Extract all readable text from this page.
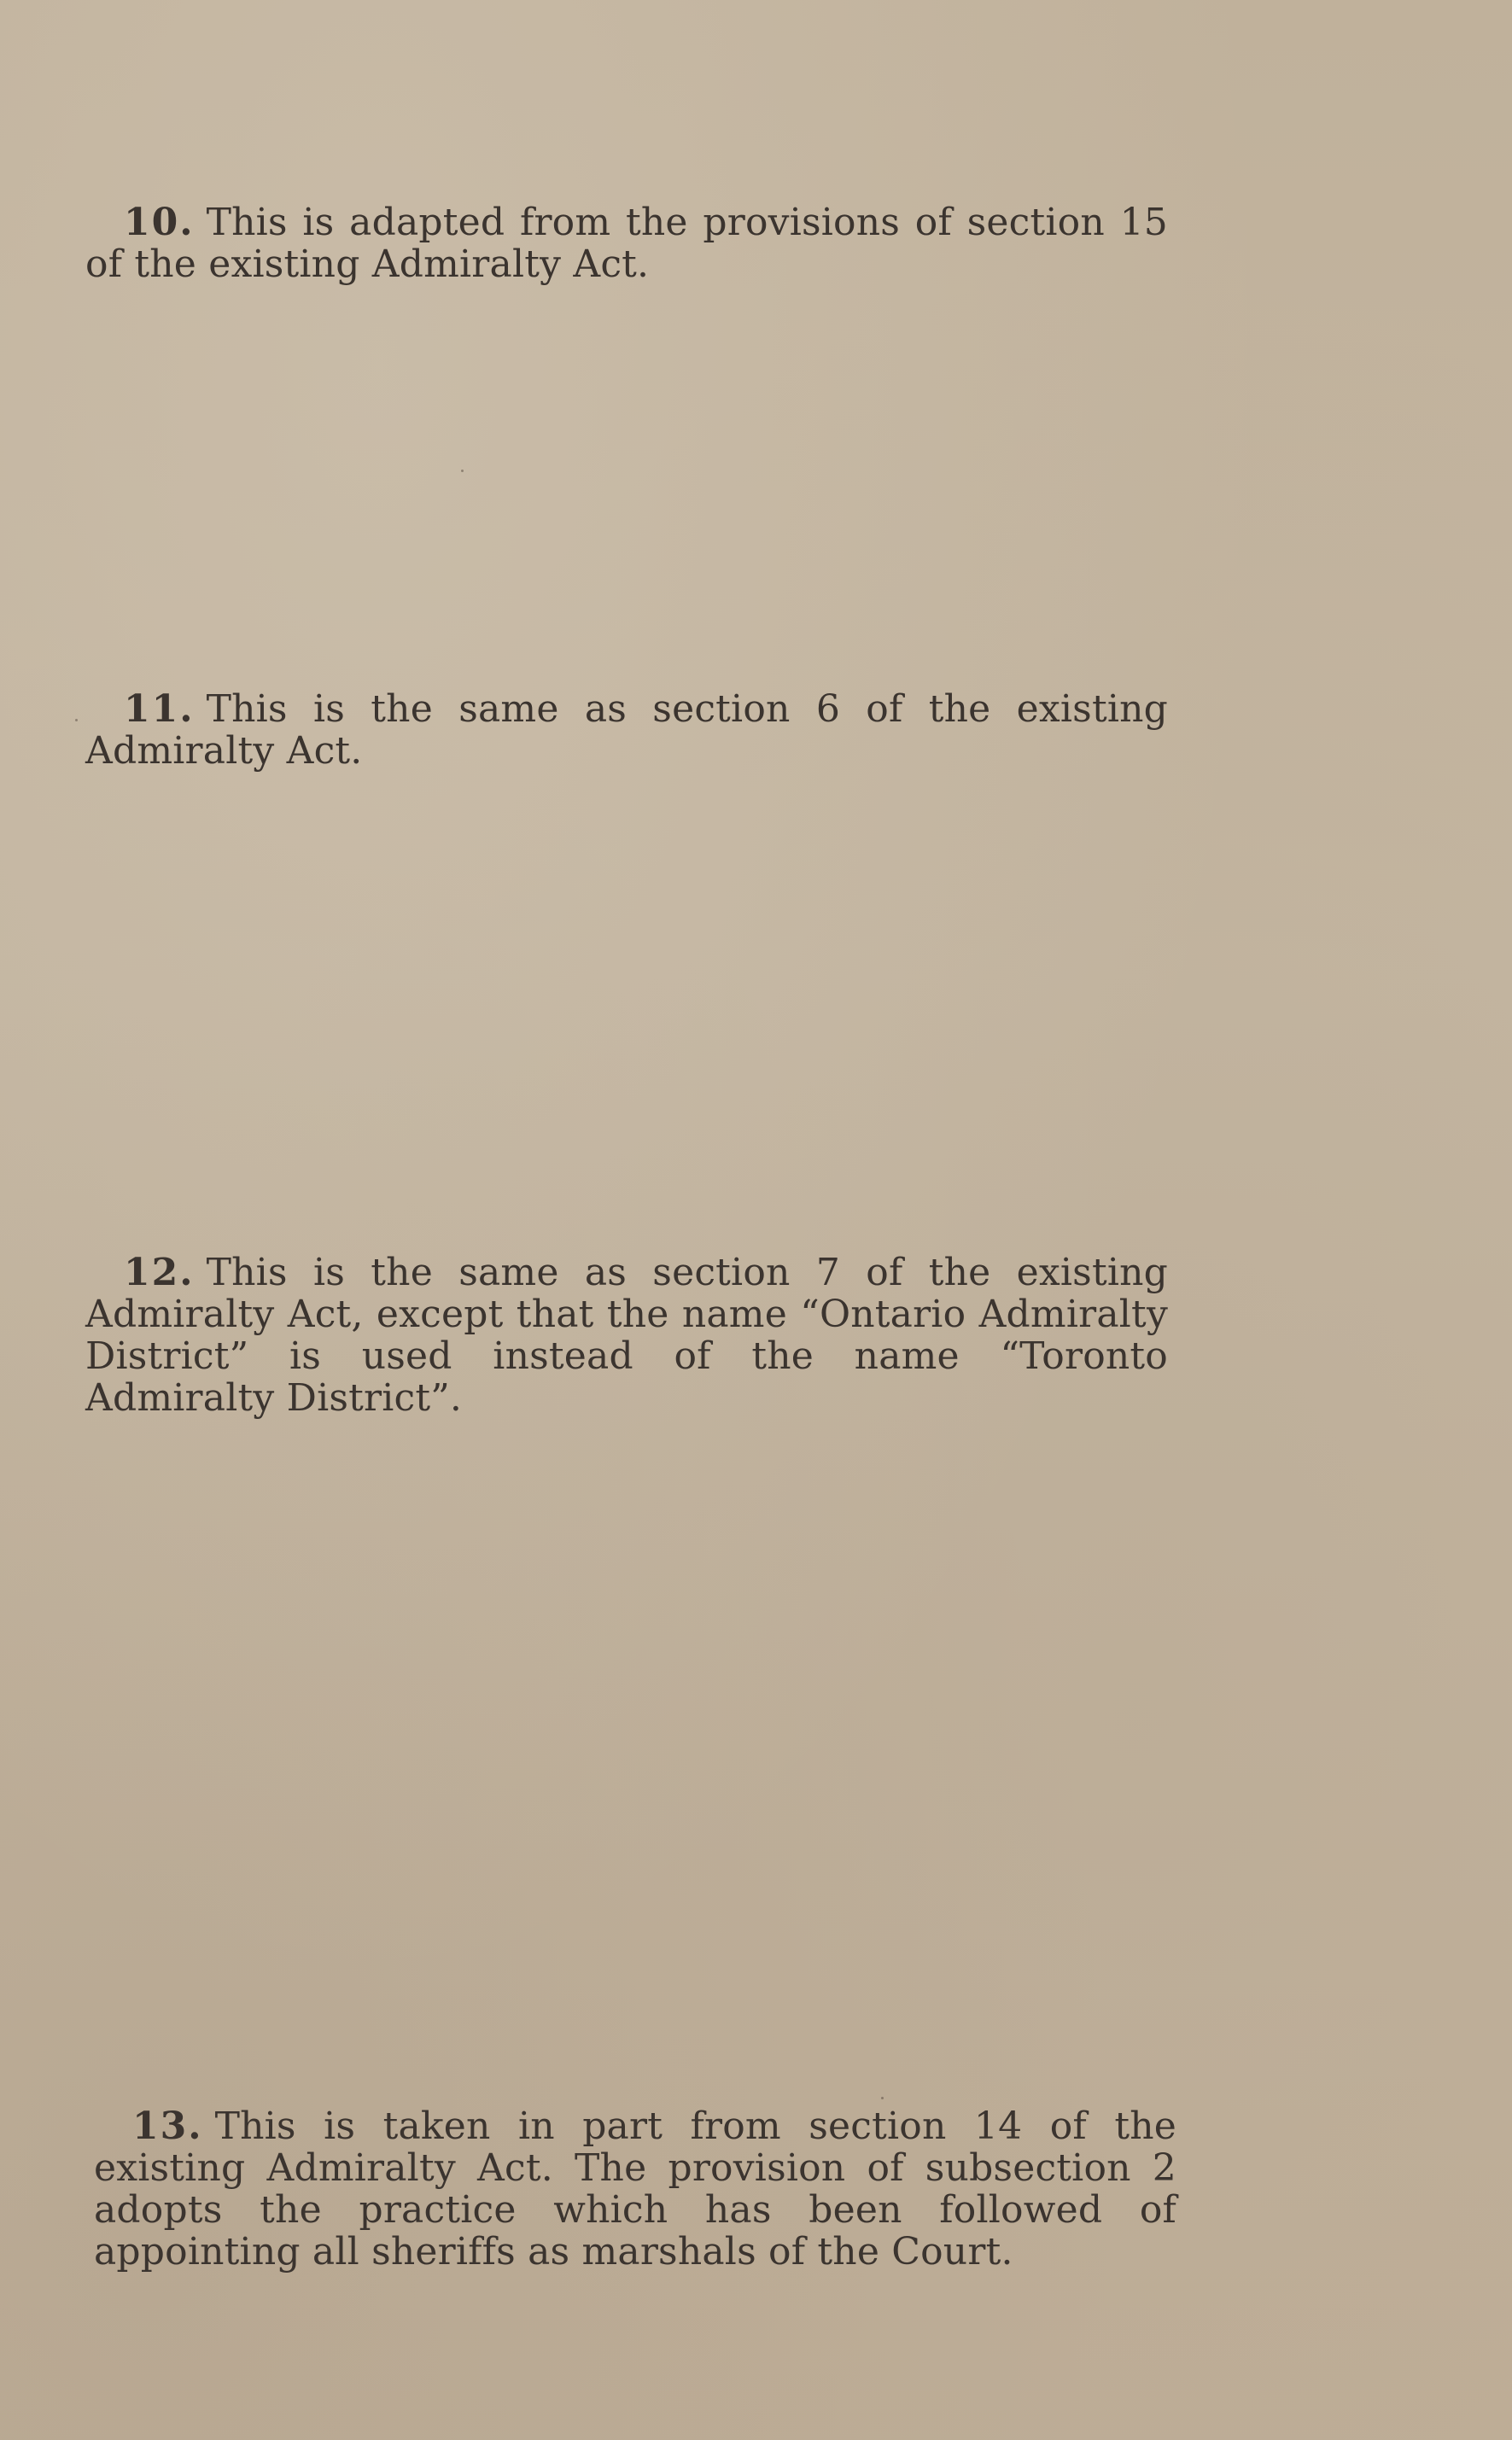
10. This is adapted from the provisions of section 15 of the existing Admiralty Act.

11. This is the same as section 6 of the existing Admiralty Act.

12. This is the same as section 7 of the existing Admiralty Act, except that the name “Ontario Admiralty District” is used instead of the name “Toronto Admiralty District”.

13. This is taken in part from section 14 of the existing Admiralty Act. The provision of subsection 2 adopts the practice which has been followed of appointing all sheriffs as marshals of the Court.
